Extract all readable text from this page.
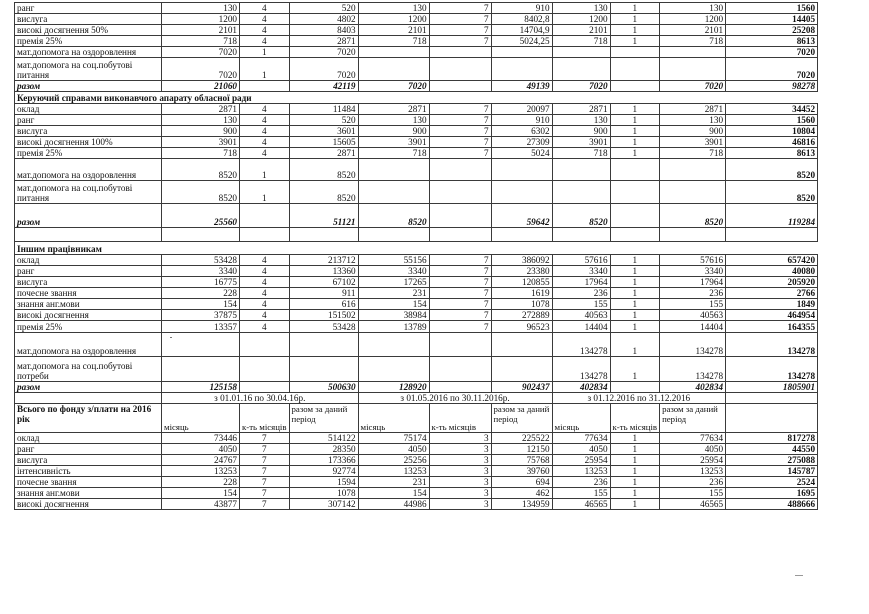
ранг	130	4	520	130	7	910	130	1	130	1560
вислуга	1200	4	4802	1200	7	8402,8	1200	1	1200	14405
високі досягнення 50%	2101	4	8403	2101	7	14704,9	2101	1	2101	25208
премія 25%	718	4	2871	718	7	5024,25	718	1	718	8613
мат.допомога на оздоровлення	7020	1	7020							7020
мат.допомога на соц.побутові питання	7020	1	7020							7020
разом	21060		42119	7020		49139	7020		7020	98278
Керуючий справами виконавчого апарату обласної ради										
оклад	2871	4	11484	2871	7	20097	2871	1	2871	34452
ранг	130	4	520	130	7	910	130	1	130	1560
вислуга	900	4	3601	900	7	6302	900	1	900	10804
високі досягнення 100%	3901	4	15605	3901	7	27309	3901	1	3901	46816
премія 25%	718	4	2871	718	7	5024	718	1	718	8613
мат.допомога на оздоровлення	8520	1	8520							8520
мат.допомога на соц.побутові питання	8520	1	8520							8520
разом	25560		51121	8520		59642	8520		8520	119284

Іншим працівникам										
оклад	53428	4	213712	55156	7	386092	57616	1	57616	657420
ранг	3340	4	13360	3340	7	23380	3340	1	3340	40080
вислуга	16775	4	67102	17265	7	120855	17964	1	17964	205920
почесне звання	228	4	911	231	7	1619	236	1	236	2766
знання анг.мови	154	4	616	154	7	1078	155	1	155	1849
високі досягнення	37875	4	151502	38984	7	272889	40563	1	40563	464954
премія 25%	13357	4	53428	13789	7	96523	14404	1	14404	164355
мат.допомога на оздоровлення							134278	1	134278	134278
мат.допомога на соц.побутові потреби							134278	1	134278	134278
разом	125158		500630	128920		902437	402834		402834	1805901
	з 01.01.16 по 30.04.16р.			з 01.05.2016 по 30.11.2016р.			з 01.12.2016 по 31.12.2016			
Всього по фонду з/плати на 2016 рік	місяць	к-ть місяців	разом за даний період	місяць	к-ть місяців	разом за даний період	місяць	к-ть місяців	разом за даний період	
оклад	73446	7	514122	75174	3	225522	77634	1	77634	817278
ранг	4050	7	28350	4050	3	12150	4050	1	4050	44550
вислуга	24767	7	173366	25256	3	75768	25954	1	25954	275088
інтенсивність	13253	7	92774	13253	3	39760	13253	1	13253	145787
почесне звання	228	7	1594	231	3	694	236	1	236	2524
знання анг.мови	154	7	1078	154	3	462	155	1	155	1695
високі досягнення	43877	7	307142	44986	3	134959	46565	1	46565	488666
